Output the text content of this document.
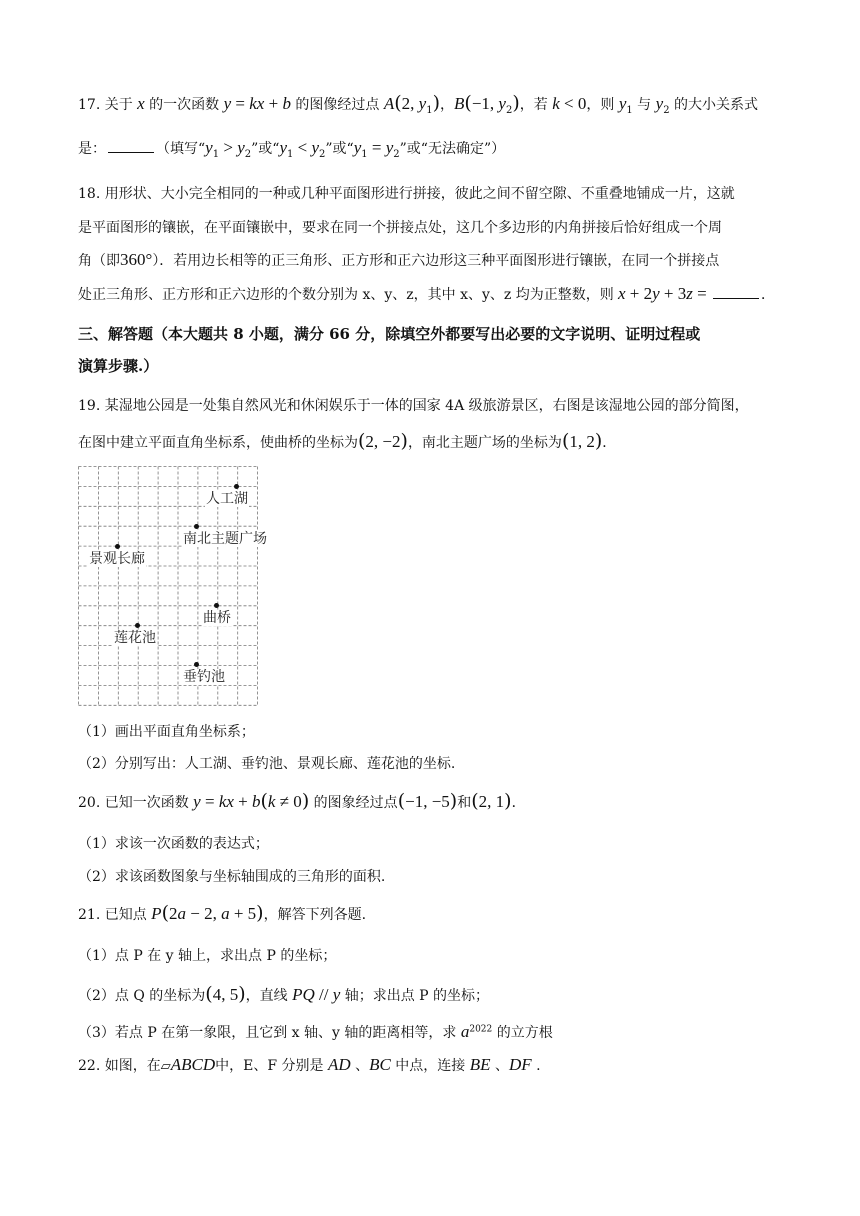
17. 关于 x 的一次函数 y = kx + b 的图像经过点 A(2, $y_1$)，B(−1, $y_2$)，若 k < 0，则 $y_1$ 与 $y_2$ 的大小关系式
是：	（填写“$y_1 > y_2$”或“$y_1 < y_2$”或“$y_1 = y_2$”或“无法确定”）
18. 用形状、大小完全相同的一种或几种平面图形进行拼接，彼此之间不留空隙、不重叠地铺成一片，这就
是平面图形的镶嵌，在平面镶嵌中，要求在同一个拼接点处，这几个多边形的内角拼接后恰好组成一个周
角（即360°）．若用边长相等的正三角形、正方形和正六边形这三种平面图形进行镶嵌，在同一个拼接点
处正三角形、正方形和正六边形的个数分别为 x、y、z，其中 x、y、z 均为正整数，则 x + 2y + 3z =	．
三、解答题（本大题共 8 小题，满分 66 分，除填空外都要写出必要的文字说明、证明过程或
演算步骤.）
19. 某湿地公园是一处集自然风光和休闲娱乐于一体的国家 4A 级旅游景区，右图是该湿地公园的部分简图，
在图中建立平面直角坐标系，使曲桥的坐标为(2, −2)，南北主题广场的坐标为(1, 2)．
人工湖
南北主题广场
景观长廊
曲桥
莲花池
垂钓池
（1）画出平面直角坐标系；
（2）分别写出：人工湖、垂钓池、景观长廊、莲花池的坐标.
20. 已知一次函数 y = kx + b(k ≠ 0) 的图象经过点(−1, −5)和(2, 1)．
（1）求该一次函数的表达式；
（2）求该函数图象与坐标轴围成的三角形的面积.
21. 已知点 P(2a − 2, a + 5)，解答下列各题.
（1）点 P 在 y 轴上，求出点 P 的坐标；
（2）点 Q 的坐标为(4, 5)，直线 PQ // y 轴；求出点 P 的坐标；
（3）若点 P 在第一象限，且它到 x 轴、y 轴的距离相等，求 $a^{2022}$ 的立方根
22. 如图，在▱ABCD中，E、F 分别是 AD 、BC 中点，连接 BE 、DF .
